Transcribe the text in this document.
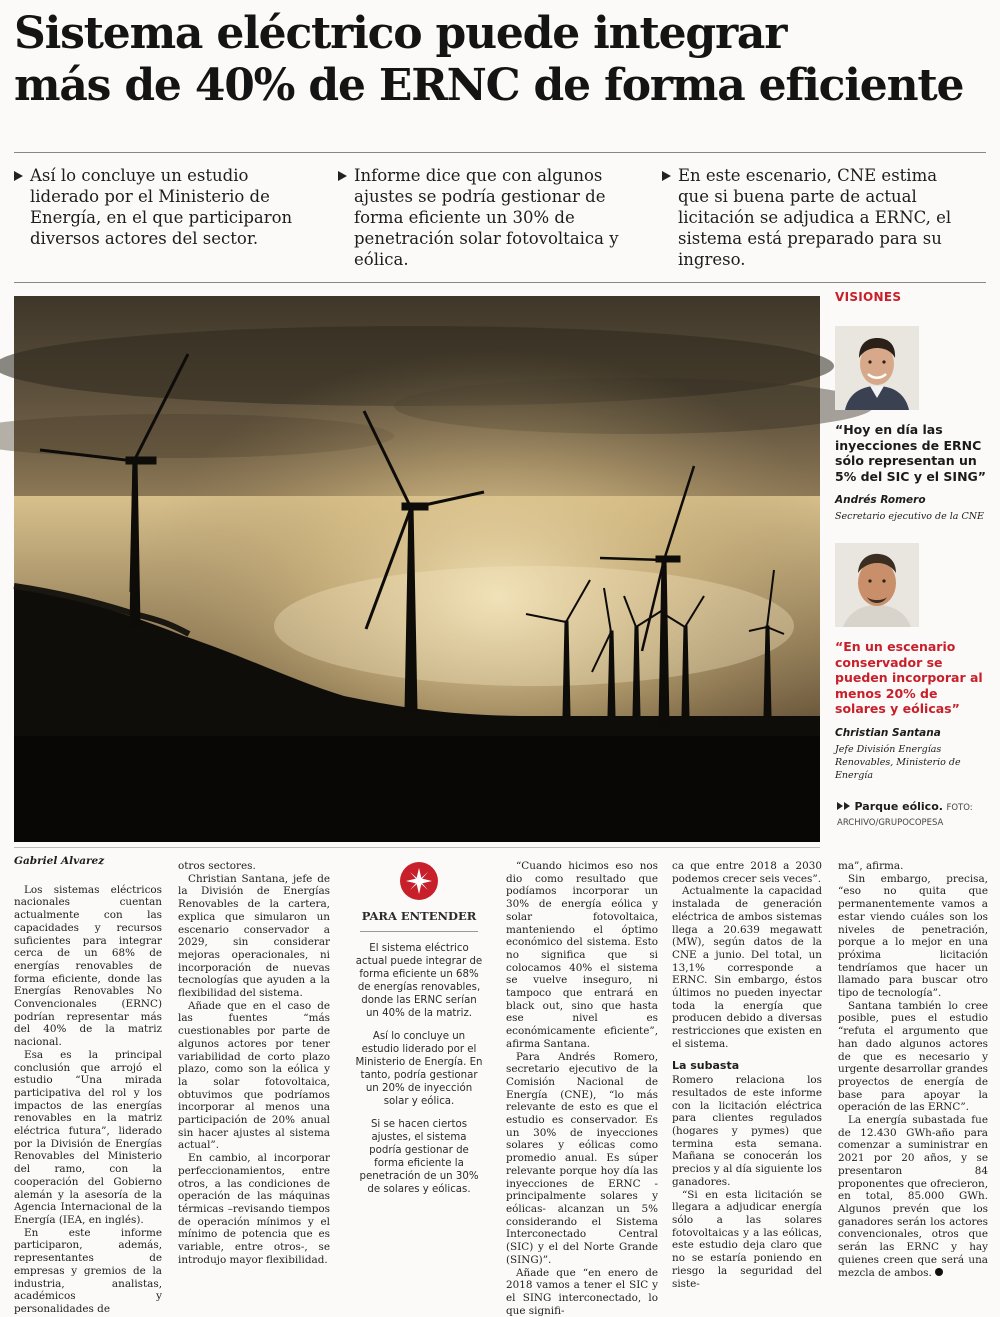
Sistema eléctrico puede integrar
más de 40% de ERNC de forma eficiente
Así lo concluye un estudio liderado por el Ministerio de Energía, en el que participaron diversos actores del sector.
Informe dice que con algunos ajustes se podría gestionar de forma eficiente un 30% de penetración solar fotovoltaica y eólica.
En este escenario, CNE estima que si buena parte de actual licitación se adjudica a ERNC, el sistema está preparado para su ingreso.
VISIONES
“Hoy en día las inyecciones de ERNC sólo representan un 5% del SIC y el SING”
Andrés Romero
Secretario ejecutivo de la CNE
“En un escenario conservador se pueden incorporar al menos 20% de solares y eólicas”
Christian Santana
Jefe División Energías Renovables, Ministerio de Energía
Parque eólico. FOTO: ARCHIVO/GRUPOCOPESA

Gabriel Alvarez

Los sistemas eléctricos nacionales cuentan actualmente con las capacidades y recursos suficientes para integrar cerca de un 68% de energías renovables de forma eficiente, donde las Energías Renovables No Convencionales (ERNC) podrían representar más del 40% de la matriz nacional.

Esa es la principal conclusión que arrojó el estudio “Una mirada participativa del rol y los impactos de las energías renovables en la matriz eléctrica futura”, liderado por la División de Energías Renovables del Ministerio del ramo, con la cooperación del Gobierno alemán y la asesoría de la Agencia Internacional de la Energía (IEA, en inglés).

En este informe participaron, además, representantes de empresas y gremios de la industria, analistas, académicos y personalidades de

otros sectores.

Christian Santana, jefe de la División de Energías Renovables de la cartera, explica que simularon un escenario conservador a 2029, sin considerar mejoras operacionales, ni incorporación de nuevas tecnologías que ayuden a la flexibilidad del sistema.

Añade que en el caso de las fuentes “más cuestionables por parte de algunos actores por tener variabilidad de corto plazo plazo, como son la eólica y la solar fotovoltaica, obtuvimos que podríamos incorporar al menos una participación de 20% anual sin hacer ajustes al sistema actual”.

En cambio, al incorporar perfeccionamientos, entre otros, a las condiciones de operación de las máquinas térmicas –revisando tiempos de operación mínimos y el mínimo de potencia que es variable, entre otros-, se introdujo mayor flexibilidad.

PARA ENTENDER

El sistema eléctrico actual puede integrar de forma eficiente un 68% de energías renovables, donde las ERNC serían un 40% de la matriz.

Así lo concluye un estudio liderado por el Ministerio de Energía. En tanto, podría gestionar un 20% de inyección solar y eólica.

Si se hacen ciertos ajustes, el sistema podría gestionar de forma eficiente la penetración de un 30% de solares y eólicas.

“Cuando hicimos eso nos dio como resultado que podíamos incorporar un 30% de energía eólica y solar fotovoltaica, manteniendo el óptimo económico del sistema. Esto no significa que si colocamos 40% el sistema se vuelve inseguro, ni tampoco que entrará en black out, sino que hasta ese nivel es económicamente eficiente”, afirma Santana.

Para Andrés Romero, secretario ejecutivo de la Comisión Nacional de Energía (CNE), “lo más relevante de esto es que el estudio es conservador. Es un 30% de inyecciones solares y eólicas como promedio anual. Es súper relevante porque hoy día las inyecciones de ERNC - principalmente solares y eólicas- alcanzan un 5% considerando el Sistema Interconectado Central (SIC) y el del Norte Grande (SING)”.

Añade que “en enero de 2018 vamos a tener el SIC y el SING interconectado, lo que signifi-

ca que entre 2018 a 2030 podemos crecer seis veces”.

Actualmente la capacidad instalada de generación eléctrica de ambos sistemas llega a 20.639 megawatt (MW), según datos de la CNE a junio. Del total, un 13,1% corresponde a ERNC. Sin embargo, éstos últimos no pueden inyectar toda la energía que producen debido a diversas restricciones que existen en el sistema.

La subasta

Romero relaciona los resultados de este informe con la licitación eléctrica para clientes regulados (hogares y pymes) que termina esta semana. Mañana se conocerán los precios y al día siguiente los ganadores.

“Si en esta licitación se llegara a adjudicar energía sólo a las solares fotovoltaicas y a las eólicas, este estudio deja claro que no se estaría poniendo en riesgo la seguridad del siste-

ma”, afirma.

Sin embargo, precisa, “eso no quita que permanentemente vamos a estar viendo cuáles son los niveles de penetración, porque a lo mejor en una próxima licitación tendríamos que hacer un llamado para buscar otro tipo de tecnología”.

Santana también lo cree posible, pues el estudio “refuta el argumento que han dado algunos actores de que es necesario y urgente desarrollar grandes proyectos de energía de base para apoyar la operación de las ERNC”.

La energía subastada fue de 12.430 GWh-año para comenzar a suministrar en 2021 por 20 años, y se presentaron 84 proponentes que ofrecieron, en total, 85.000 GWh. Algunos prevén que los ganadores serán los actores convencionales, otros que serán las ERNC y hay quienes creen que será una mezcla de ambos.
